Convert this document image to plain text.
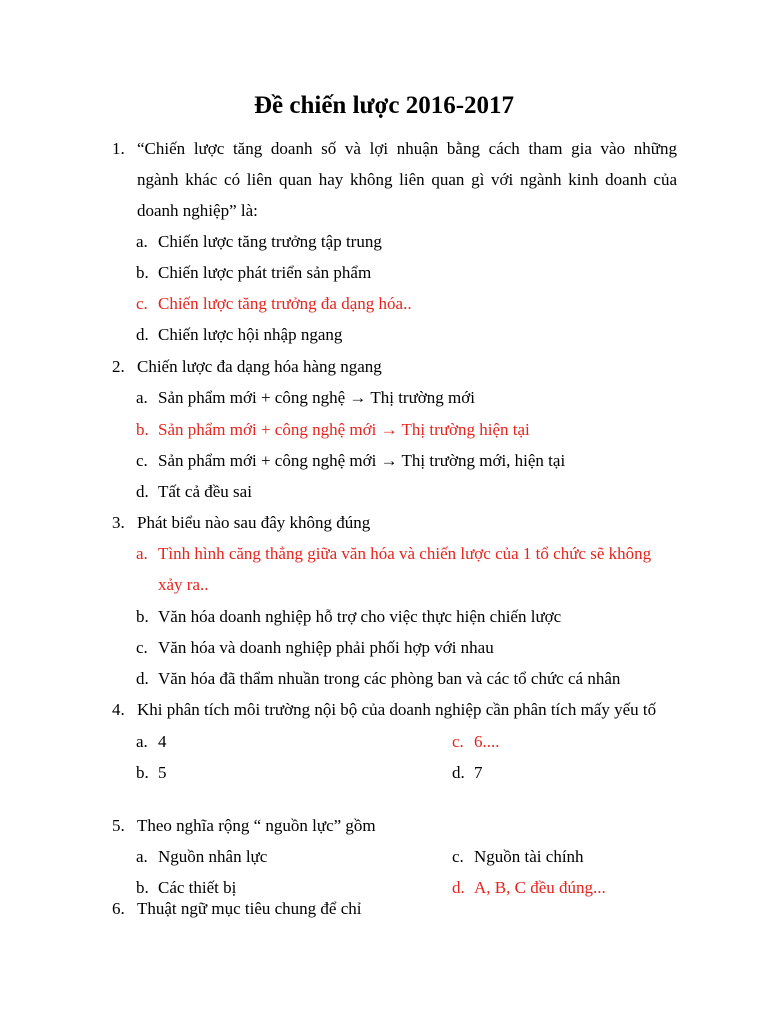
Đề chiến lược 2016-2017
1. “Chiến lược tăng doanh số và lợi nhuận bằng cách tham gia vào những
ngành khác có liên quan hay không liên quan gì với ngành kinh doanh của
doanh nghiệp” là:
a. Chiến lược tăng trưởng tập trung
b. Chiến lược phát triển sản phẩm
c. Chiến lược tăng trưởng đa dạng hóa..
d. Chiến lược hội nhập ngang
2. Chiến lược đa dạng hóa hàng ngang
a. Sản phẩm mới + công nghệ → Thị trường mới
b. Sản phẩm mới + công nghệ mới → Thị trường hiện tại
c. Sản phẩm mới + công nghệ mới → Thị trường mới, hiện tại
d. Tất cả đều sai
3. Phát biểu nào sau đây không đúng
a. Tình hình căng thẳng giữa văn hóa và chiến lược của 1 tổ chức sẽ không
xảy ra..
b. Văn hóa doanh nghiệp hỗ trợ cho việc thực hiện chiến lược
c. Văn hóa và doanh nghiệp phải phối hợp với nhau
d. Văn hóa đã thẩm nhuần trong các phòng ban và các tổ chức cá nhân
4. Khi phân tích môi trường nội bộ của doanh nghiệp cần phân tích mấy yếu tố
a. 4	c. 6....
b. 5	d. 7
5. Theo nghĩa rộng “ nguồn lực” gồm
a. Nguồn nhân lực	c. Nguồn tài chính
b. Các thiết bị	d. A, B, C đều đúng...
6. Thuật ngữ mục tiêu chung để chỉ
